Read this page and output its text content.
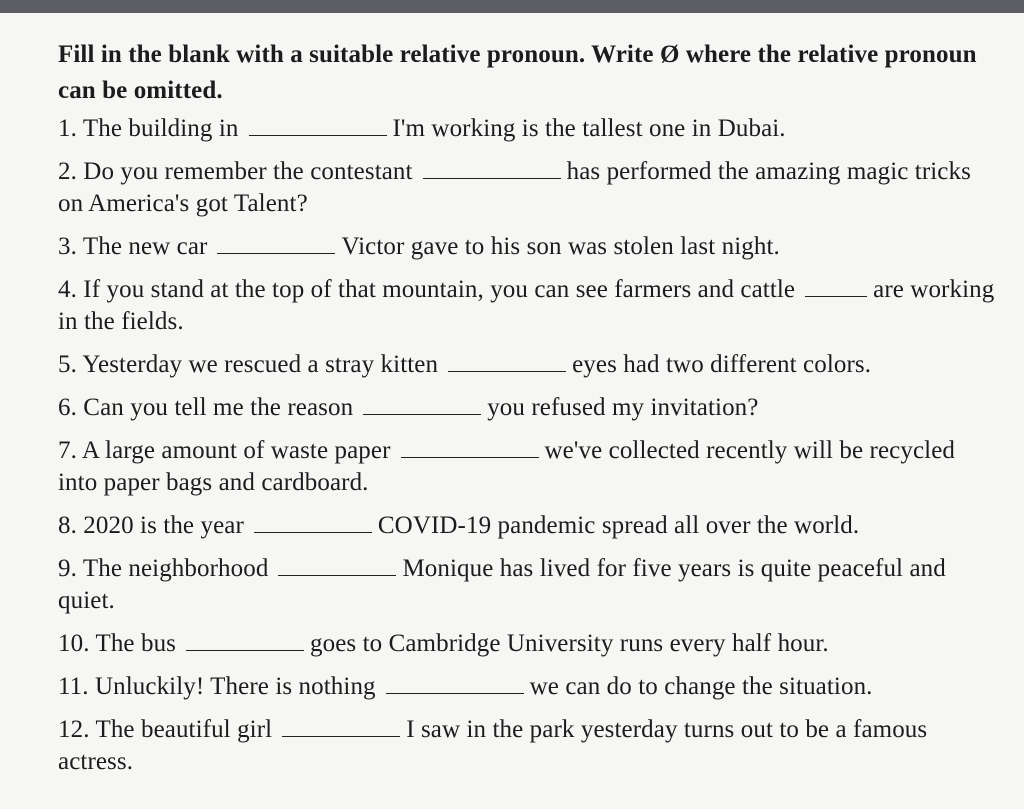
Fill in the blank with a suitable relative pronoun. Write Ø where the relative pronoun can be omitted.

1. The building in	I'm working is the tallest one in Dubai.

2. Do you remember the contestant	has performed the amazing magic tricks on America's got Talent?

3. The new car	Victor gave to his son was stolen last night.

4. If you stand at the top of that mountain, you can see farmers and cattle	are working in the fields.

5. Yesterday we rescued a stray kitten	eyes had two different colors.

6. Can you tell me the reason	you refused my invitation?

7. A large amount of waste paper	we've collected recently will be recycled into paper bags and cardboard.

8. 2020 is the year	COVID-19 pandemic spread all over the world.

9. The neighborhood	Monique has lived for five years is quite peaceful and quiet.

10. The bus	goes to Cambridge University runs every half hour.

11. Unluckily! There is nothing	we can do to change the situation.

12. The beautiful girl	I saw in the park yesterday turns out to be a famous actress.
